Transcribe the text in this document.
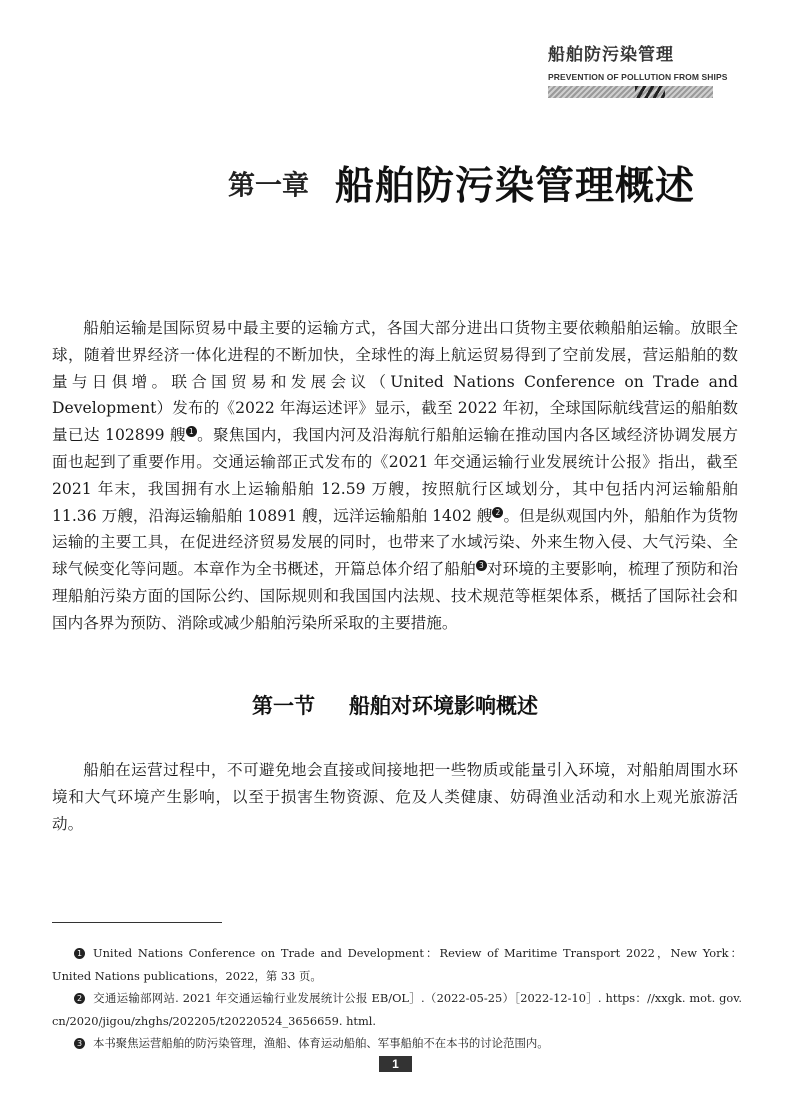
船舶防污染管理
PREVENTION OF POLLUTION FROM SHIPS
第一章 船舶防污染管理概述
船舶运输是国际贸易中最主要的运输方式，各国大部分进出口货物主要依赖船舶运输。放眼全球，随着世界经济一体化进程的不断加快，全球性的海上航运贸易得到了空前发展，营运船舶的数量与日俱增。联合国贸易和发展会议（United Nations Conference on Trade and Development）发布的《2022 年海运述评》显示，截至 2022 年初，全球国际航线营运的船舶数量已达 102899 艘 1 。聚焦国内，我国内河及沿海航行船舶运输在推动国内各区域经济协调发展方面也起到了重要作用。交通运输部正式发布的《2021 年交通运输行业发展统计公报》指出，截至 2021 年末，我国拥有水上运输船舶 12.59 万艘，按照航行区域划分，其中包括内河运输船舶 11.36 万艘，沿海运输船舶 10891 艘，远洋运输船舶 1402 艘 2 。但是纵观国内外，船舶作为货物运输的主要工具，在促进经济贸易发展的同时，也带来了水域污染、外来生物入侵、大气污染、全球气候变化等问题。本章作为全书概述，开篇总体介绍了船舶 3 对环境的主要影响，梳理了预防和治理船舶污染方面的国际公约、国际规则和我国国内法规、技术规范等框架体系，概括了国际社会和国内各界为预防、消除或减少船舶污染所采取的主要措施。
第一节 船舶对环境影响概述
船舶在运营过程中，不可避免地会直接或间接地把一些物质或能量引入环境，对船舶周围水环境和大气环境产生影响，以至于损害生物资源、危及人类健康、妨碍渔业活动和水上观光旅游活动。

1 United Nations Conference on Trade and Development：Review of Maritime Transport 2022，New York：United Nations publications，2022，第 33 页。

2 交通运输部网站. 2021 年交通运输行业发展统计公报 EB/OL］.（2022-05-25）［2022-12-10］. https：//xxgk. mot. gov. cn/2020/jigou/zhghs/202205/t20220524_3656659. html.

3 本书聚焦运营船舶的防污染管理，渔船、体育运动船舶、军事船舶不在本书的讨论范围内。

1
